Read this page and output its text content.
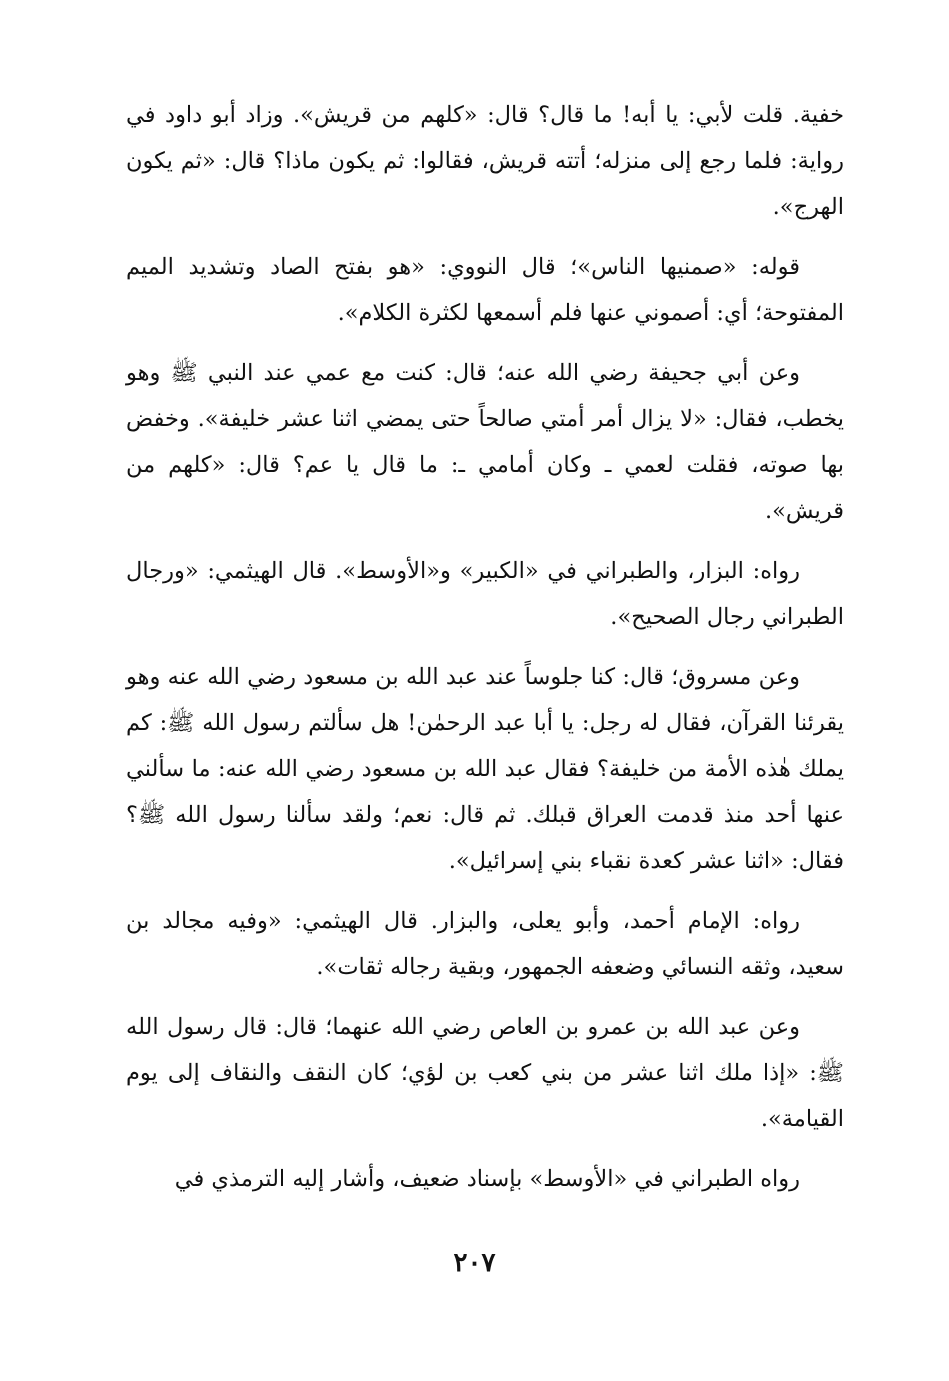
خفية. قلت لأبي: يا أبه! ما قال؟ قال: «كلهم من قريش». وزاد أبو داود في رواية: فلما رجع إلى منزله؛ أتته قريش، فقالوا: ثم يكون ماذا؟ قال: «ثم يكون الهرج».

قوله: «صمنيها الناس»؛ قال النووي: «هو بفتح الصاد وتشديد الميم المفتوحة؛ أي: أصموني عنها فلم أسمعها لكثرة الكلام».

وعن أبي جحيفة رضي الله عنه؛ قال: كنت مع عمي عند النبي ﷺ وهو يخطب، فقال: «لا يزال أمر أمتي صالحاً حتى يمضي اثنا عشر خليفة». وخفض بها صوته، فقلت لعمي ـ وكان أمامي ـ: ما قال يا عم؟ قال: «كلهم من قريش».

رواه: البزار، والطبراني في «الكبير» و«الأوسط». قال الهيثمي: «ورجال الطبراني رجال الصحيح».

وعن مسروق؛ قال: كنا جلوساً عند عبد الله بن مسعود رضي الله عنه وهو يقرئنا القرآن، فقال له رجل: يا أبا عبد الرحمٰن! هل سألتم رسول الله ﷺ: كم يملك هٰذه الأمة من خليفة؟ فقال عبد الله بن مسعود رضي الله عنه: ما سألني عنها أحد منذ قدمت العراق قبلك. ثم قال: نعم؛ ولقد سألنا رسول الله ﷺ؟ فقال: «اثنا عشر كعدة نقباء بني إسرائيل».

رواه: الإمام أحمد، وأبو يعلى، والبزار. قال الهيثمي: «وفيه مجالد بن سعيد، وثقه النسائي وضعفه الجمهور، وبقية رجاله ثقات».

وعن عبد الله بن عمرو بن العاص رضي الله عنهما؛ قال: قال رسول الله ﷺ: «إذا ملك اثنا عشر من بني كعب بن لؤي؛ كان النقف والنقاف إلى يوم القيامة».

رواه الطبراني في «الأوسط» بإسناد ضعيف، وأشار إليه الترمذي في

٢٠٧
